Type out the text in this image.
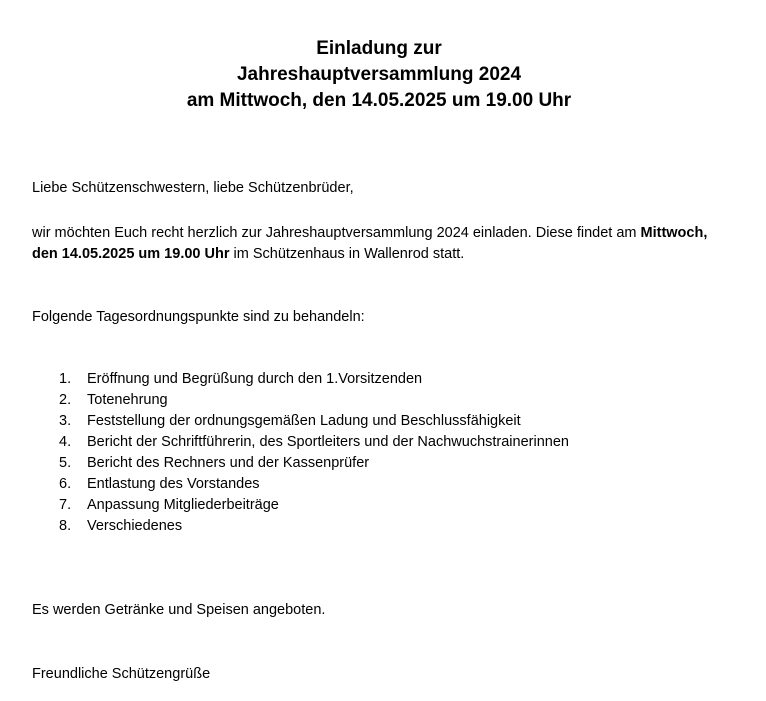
Einladung zur
Jahreshauptversammlung 2024
am Mittwoch, den 14.05.2025 um 19.00 Uhr
Liebe Schützenschwestern, liebe Schützenbrüder,
wir möchten Euch recht herzlich zur Jahreshauptversammlung 2024 einladen. Diese findet am Mittwoch,
den 14.05.2025 um 19.00 Uhr im Schützenhaus in Wallenrod statt.
Folgende Tagesordnungspunkte sind zu behandeln:
1. Eröffnung und Begrüßung durch den 1.Vorsitzenden
2. Totenehrung
3. Feststellung der ordnungsgemäßen Ladung und Beschlussfähigkeit
4. Bericht der Schriftführerin, des Sportleiters und der Nachwuchstrainerinnen
5. Bericht des Rechners und der Kassenprüfer
6. Entlastung des Vorstandes
7. Anpassung Mitgliederbeiträge
8. Verschiedenes
Es werden Getränke und Speisen angeboten.
Freundliche Schützengrüße
